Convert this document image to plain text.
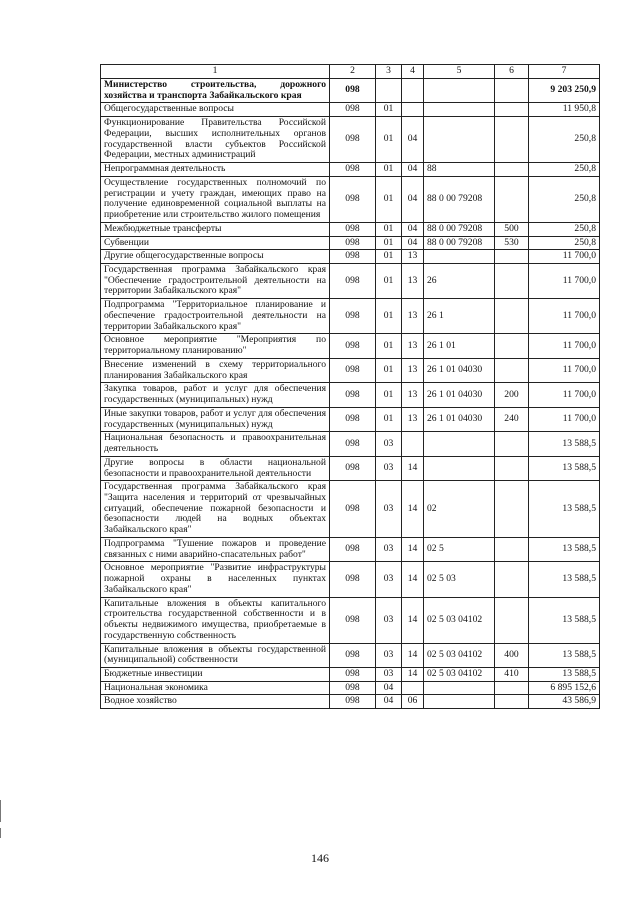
1	2	3	4	5	6	7
Министерство строительства, дорожного хозяйства и транспорта Забайкальского края	098					9 203 250,9
Общегосударственные вопросы	098	01				11 950,8
Функционирование Правительства Российской Федерации, высших исполнительных органов государственной власти субъектов Российской Федерации, местных администраций	098	01	04			250,8
Непрограммная деятельность	098	01	04	88		250,8
Осуществление государственных полномочий по регистрации и учету граждан, имеющих право на получение единовременной социальной выплаты на приобретение или строительство жилого помещения	098	01	04	88 0 00 79208		250,8
Межбюджетные трансферты	098	01	04	88 0 00 79208	500	250,8
Субвенции	098	01	04	88 0 00 79208	530	250,8
Другие общегосударственные вопросы	098	01	13			11 700,0
Государственная программа Забайкальского края "Обеспечение градостроительной деятельности на территории Забайкальского края"	098	01	13	26		11 700,0
Подпрограмма "Территориальное планирование и обеспечение градостроительной деятельности на территории Забайкальского края"	098	01	13	26 1		11 700,0
Основное мероприятие "Мероприятия по территориальному планированию"	098	01	13	26 1 01		11 700,0
Внесение изменений в схему территориального планирования Забайкальского края	098	01	13	26 1 01 04030		11 700,0
Закупка товаров, работ и услуг для обеспечения государственных (муниципальных) нужд	098	01	13	26 1 01 04030	200	11 700,0
Иные закупки товаров, работ и услуг для обеспечения государственных (муниципальных) нужд	098	01	13	26 1 01 04030	240	11 700,0
Национальная безопасность и правоохранительная деятельность	098	03				13 588,5
Другие вопросы в области национальной безопасности и правоохранительной деятельности	098	03	14			13 588,5
Государственная программа Забайкальского края "Защита населения и территорий от чрезвычайных ситуаций, обеспечение пожарной безопасности и безопасности людей на водных объектах Забайкальского края"	098	03	14	02		13 588,5
Подпрограмма "Тушение пожаров и проведение связанных с ними аварийно-спасательных работ"	098	03	14	02 5		13 588,5
Основное мероприятие "Развитие инфраструктуры пожарной охраны в населенных пунктах Забайкальского края"	098	03	14	02 5 03		13 588,5
Капитальные вложения в объекты капитального строительства государственной собственности и в объекты недвижимого имущества, приобретаемые в государственную собственность	098	03	14	02 5 03 04102		13 588,5
Капитальные вложения в объекты государственной (муниципальной) собственности	098	03	14	02 5 03 04102	400	13 588,5
Бюджетные инвестиции	098	03	14	02 5 03 04102	410	13 588,5
Национальная экономика	098	04				6 895 152,6
Водное хозяйство	098	04	06			43 586,9
146
